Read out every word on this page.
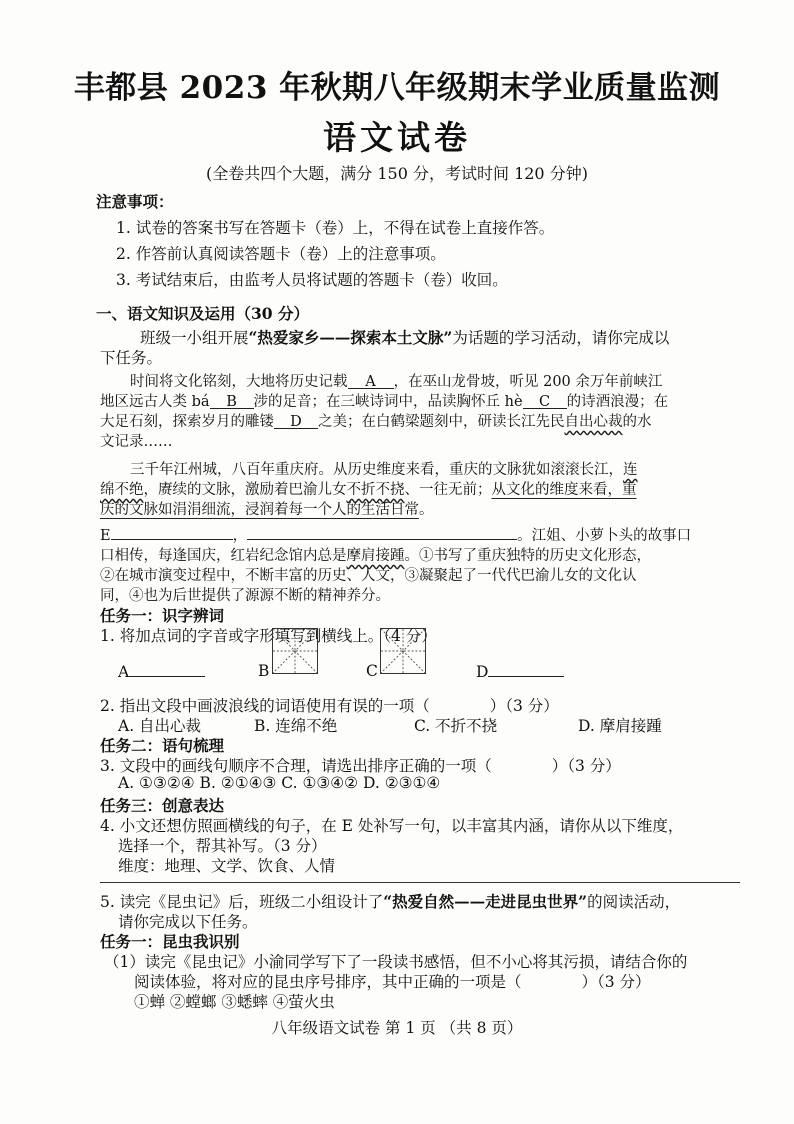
丰都县 2023 年秋期八年级期末学业质量监测
语文试卷
(全卷共四个大题，满分 150 分，考试时间 120 分钟)
注意事项：
1. 试卷的答案书写在答题卡（卷）上，不得在试卷上直接作答。
2. 作答前认真阅读答题卡（卷）上的注意事项。
3. 考试结束后，由监考人员将试题的答题卡（卷）收回。
一、语文知识及运用（30 分）
班级一小组开展“热爱家乡——探索本土文脉”为话题的学习活动，请你完成以
下任务。
时间将文化铭刻，大地将历史记载 A ，在巫山龙骨坡，听见 200 余万年前峡江
地区远古人类 bá B 涉的足音；在三峡诗词中，品读胸怀丘 hè C 的诗酒浪漫；在
大足石刻，探索岁月的雕镂 D 之美；在白鹤梁题刻中，研读长江先民自出心裁的水
文记录……
三千年江州城，八百年重庆府。从历史维度来看，重庆的文脉犹如滚滚长江，连
绵不绝，赓续的文脉，激励着巴渝儿女不折不挠、一往无前；从文化的维度来看，重
庆的文脉如涓涓细流，浸润着每一个人的生活日常。
E	，	。江姐、小萝卜头的故事口
口相传，每逢国庆，红岩纪念馆内总是摩肩接踵。①书写了重庆独特的历史文化形态，
②在城市演变过程中，不断丰富的历史、人文，③凝聚起了一代代巴渝儿女的文化认
同，④也为后世提供了源源不断的精神养分。
任务一：识字辨词
1. 将加点词的字音或字形填写到横线上。（4 分）
A	B	C	D
2. 指出文段中画波浪线的词语使用有误的一项（	）（3 分）
A. 自出心裁	B. 连绵不绝	C. 不折不挠	D. 摩肩接踵
任务二：语句梳理
3. 文段中的画线句顺序不合理，请选出排序正确的一项（	）（3 分）
A. ①③②④ B. ②①④③ C. ①③④② D. ②③①④
任务三：创意表达
4. 小文还想仿照画横线的句子，在 E 处补写一句，以丰富其内涵，请你从以下维度，
选择一个，帮其补写。（3 分）
维度：地理、文学、饮食、人情
5. 读完《昆虫记》后，班级二小组设计了“热爱自然——走进昆虫世界”的阅读活动，
请你完成以下任务。
任务一：昆虫我识别
（1）读完《昆虫记》小渝同学写下了一段读书感悟，但不小心将其污损，请结合你的
阅读体验，将对应的昆虫序号排序，其中正确的一项是（	）（3 分）
①蝉 ②螳螂 ③蟋蟀 ④萤火虫
八年级语文试卷 第 1 页 （共 8 页）
